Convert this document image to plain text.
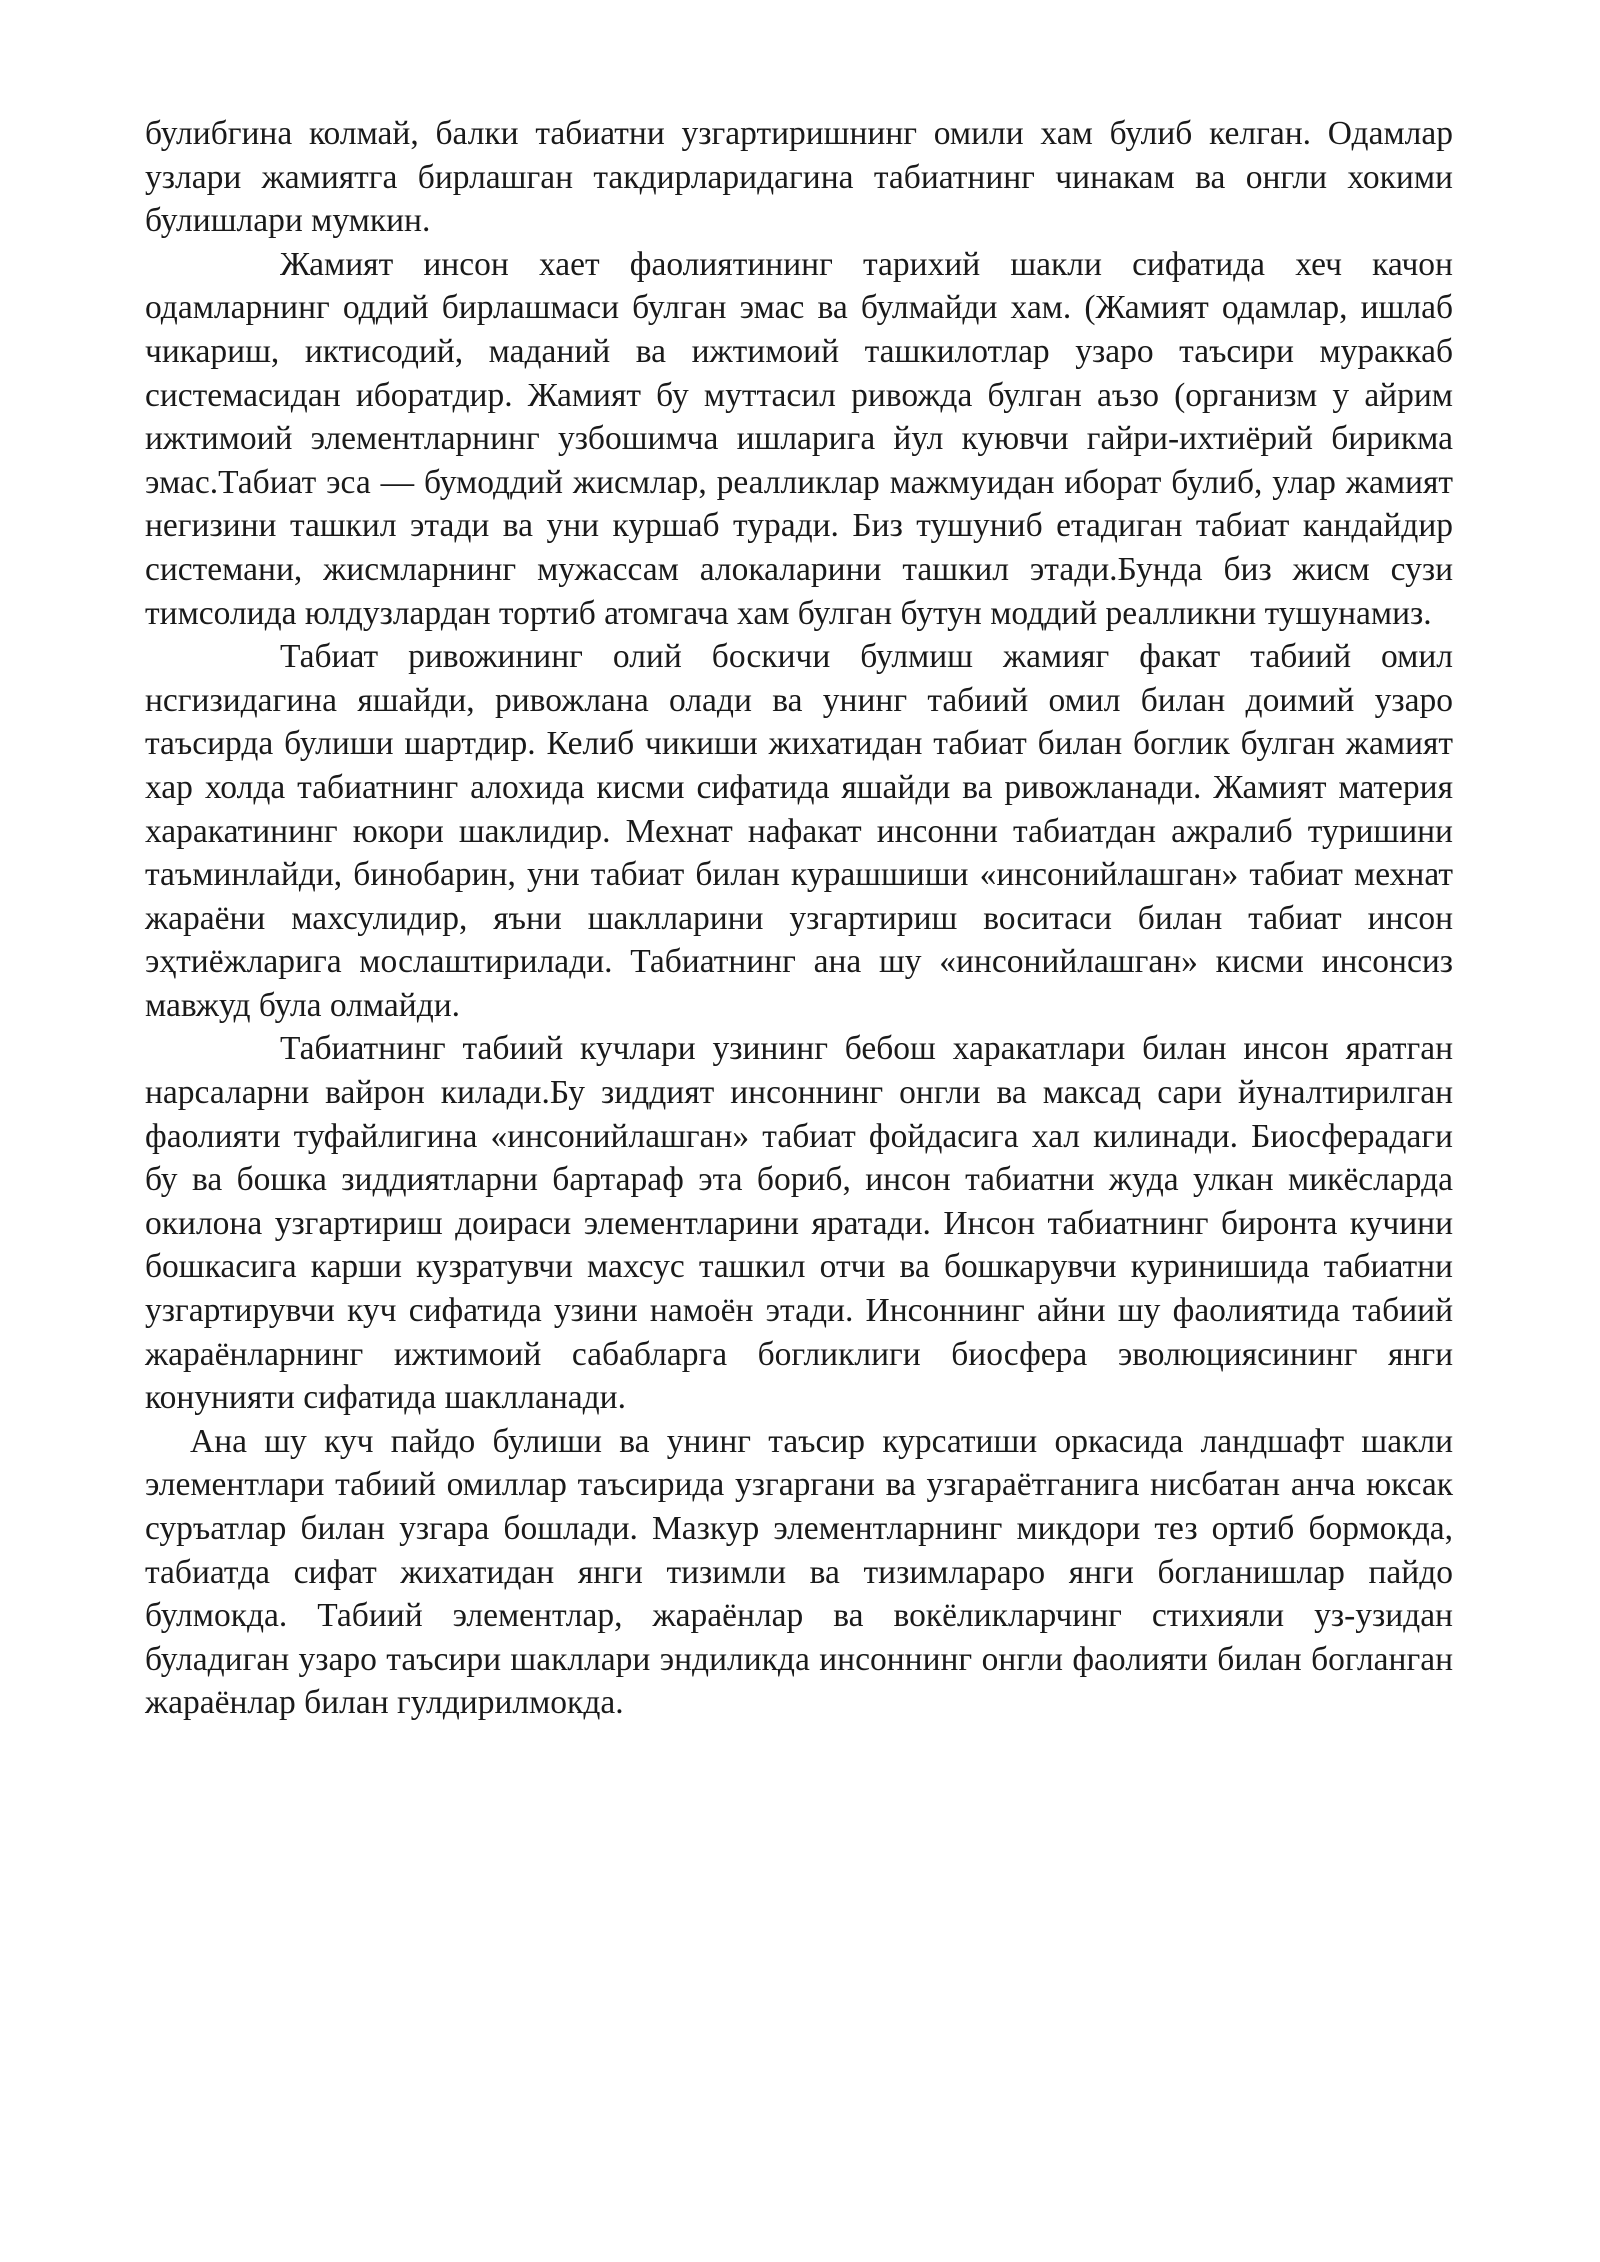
булибгина колмай, балки табиатни узгартиришнинг омили хам булиб келган. Одамлар узлари жамиятга бирлашган такдирларидагина табиатнинг чинакам ва онгли хокими булишлари мумкин.

Жамият инсон хает фаолиятининг тарихий шакли сифатида хеч качон одамларнинг оддий бирлашмаси булган эмас ва булмайди хам. (Жамият одамлар, ишлаб чикариш, иктисодий, маданий ва ижтимоий ташкилотлар узаро таъсири мураккаб системасидан иборатдир. Жамият бу муттасил ривожда булган аъзо (организм у айрим ижтимоий элементларнинг узбошимча ишларига йул куювчи гайри-ихтиёрий бирикма эмас.Табиат эса — бумоддий жисмлар, реалликлар мажмуидан иборат булиб, улар жамият негизини ташкил этади ва уни куршаб туради. Биз тушуниб етадиган табиат кандайдир системани, жисмларнинг мужассам алокаларини ташкил этади.Бунда биз жисм сузи тимсолида юлдузлардан тортиб атомгача хам булган бутун моддий реалликни тушунамиз.

Табиат ривожининг олий боскичи булмиш жамияг факат табиий омил нсгизидагина яшайди, ривожлана олади ва унинг табиий омил билан доимий узаро таъсирда булиши шартдир. Келиб чикиши жихатидан табиат билан боглик булган жамият хар холда табиатнинг алохида кисми сифатида яшайди ва ривожланади. Жамият материя харакатининг юкори шаклидир. Мехнат нафакат инсонни табиатдан ажралиб туришини таъминлайди, бинобарин, уни табиат билан курашшиши «инсонийлашган» табиат мехнат жараёни махсулидир, яъни шаклларини узгартириш воситаси билан табиат инсон эҳтиёжларига мослаштирилади. Табиатнинг ана шу «инсонийлашган» кисми инсонсиз мавжуд була олмайди.

Табиатнинг табиий кучлари узининг бебош харакатлари билан инсон яратган нарсаларни вайрон килади.Бу зиддият инсоннинг онгли ва максад сари йуналтирилган фаолияти туфайлигина «инсонийлашган» табиат фойдасига хал килинади. Биосферадаги бу ва бошка зиддиятларни бартараф эта бориб, инсон табиатни жуда улкан микёсларда окилона узгартириш доираси элементларини яратади. Инсон табиатнинг биронта кучини бошкасига карши кузратувчи махсус ташкил отчи ва бошкарувчи куринишида табиатни узгартирувчи куч сифатида узини намоён этади. Инсоннинг айни шу фаолиятида табиий жараёнларнинг ижтимоий сабабларга богликлиги биосфера эволюциясининг янги конунияти сифатида шаклланади.

Ана шу куч пайдо булиши ва унинг таъсир курсатиши оркасида ландшафт шакли элементлари табиий омиллар таъсирида узгаргани ва узгараётганига нисбатан анча юксак суръатлар билан узгара бошлади. Мазкур элементларнинг микдори тез ортиб бормокда, табиатда сифат жихатидан янги тизимли ва тизимлараро янги богланишлар пайдо булмокда. Табиий элементлар, жараёнлар ва вокёликларчинг стихияли уз-узидан буладиган узаро таъсири шакллари эндиликда инсоннинг онгли фаолияти билан богланган жараёнлар билан гулдирилмокда.
